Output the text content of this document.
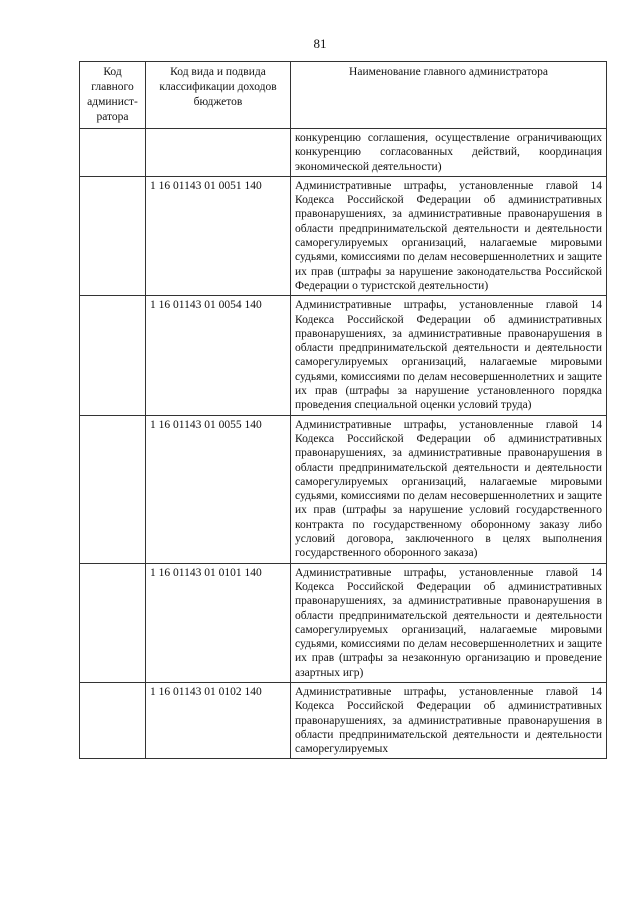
81
Код главного админист-ратора	Код вида и подвида классификации доходов бюджетов	Наименование главного администратора
		конкуренцию соглашения, осуществление ограничивающих конкуренцию согласованных действий, координация экономической деятельности)
	1 16 01143 01 0051 140	Административные штрафы, установленные главой 14 Кодекса Российской Федерации об административных правонарушениях, за административные правонарушения в области предпринимательской деятельности и деятельности саморегулируемых организаций, налагаемые мировыми судьями, комиссиями по делам несовершеннолетних и защите их прав (штрафы за нарушение законодательства Российской Федерации о туристской деятельности)
	1 16 01143 01 0054 140	Административные штрафы, установленные главой 14 Кодекса Российской Федерации об административных правонарушениях, за административные правонарушения в области предпринимательской деятельности и деятельности саморегулируемых организаций, налагаемые мировыми судьями, комиссиями по делам несовершеннолетних и защите их прав (штрафы за нарушение установленного порядка проведения специальной оценки условий труда)
	1 16 01143 01 0055 140	Административные штрафы, установленные главой 14 Кодекса Российской Федерации об административных правонарушениях, за административные правонарушения в области предпринимательской деятельности и деятельности саморегулируемых организаций, налагаемые мировыми судьями, комиссиями по делам несовершеннолетних и защите их прав (штрафы за нарушение условий государственного контракта по государственному оборонному заказу либо условий договора, заключенного в целях выполнения государственного оборонного заказа)
	1 16 01143 01 0101 140	Административные штрафы, установленные главой 14 Кодекса Российской Федерации об административных правонарушениях, за административные правонарушения в области предпринимательской деятельности и деятельности саморегулируемых организаций, налагаемые мировыми судьями, комиссиями по делам несовершеннолетних и защите их прав (штрафы за незаконную организацию и проведение азартных игр)
	1 16 01143 01 0102 140	Административные штрафы, установленные главой 14 Кодекса Российской Федерации об административных правонарушениях, за административные правонарушения в области предпринимательской деятельности и деятельности саморегулируемых
